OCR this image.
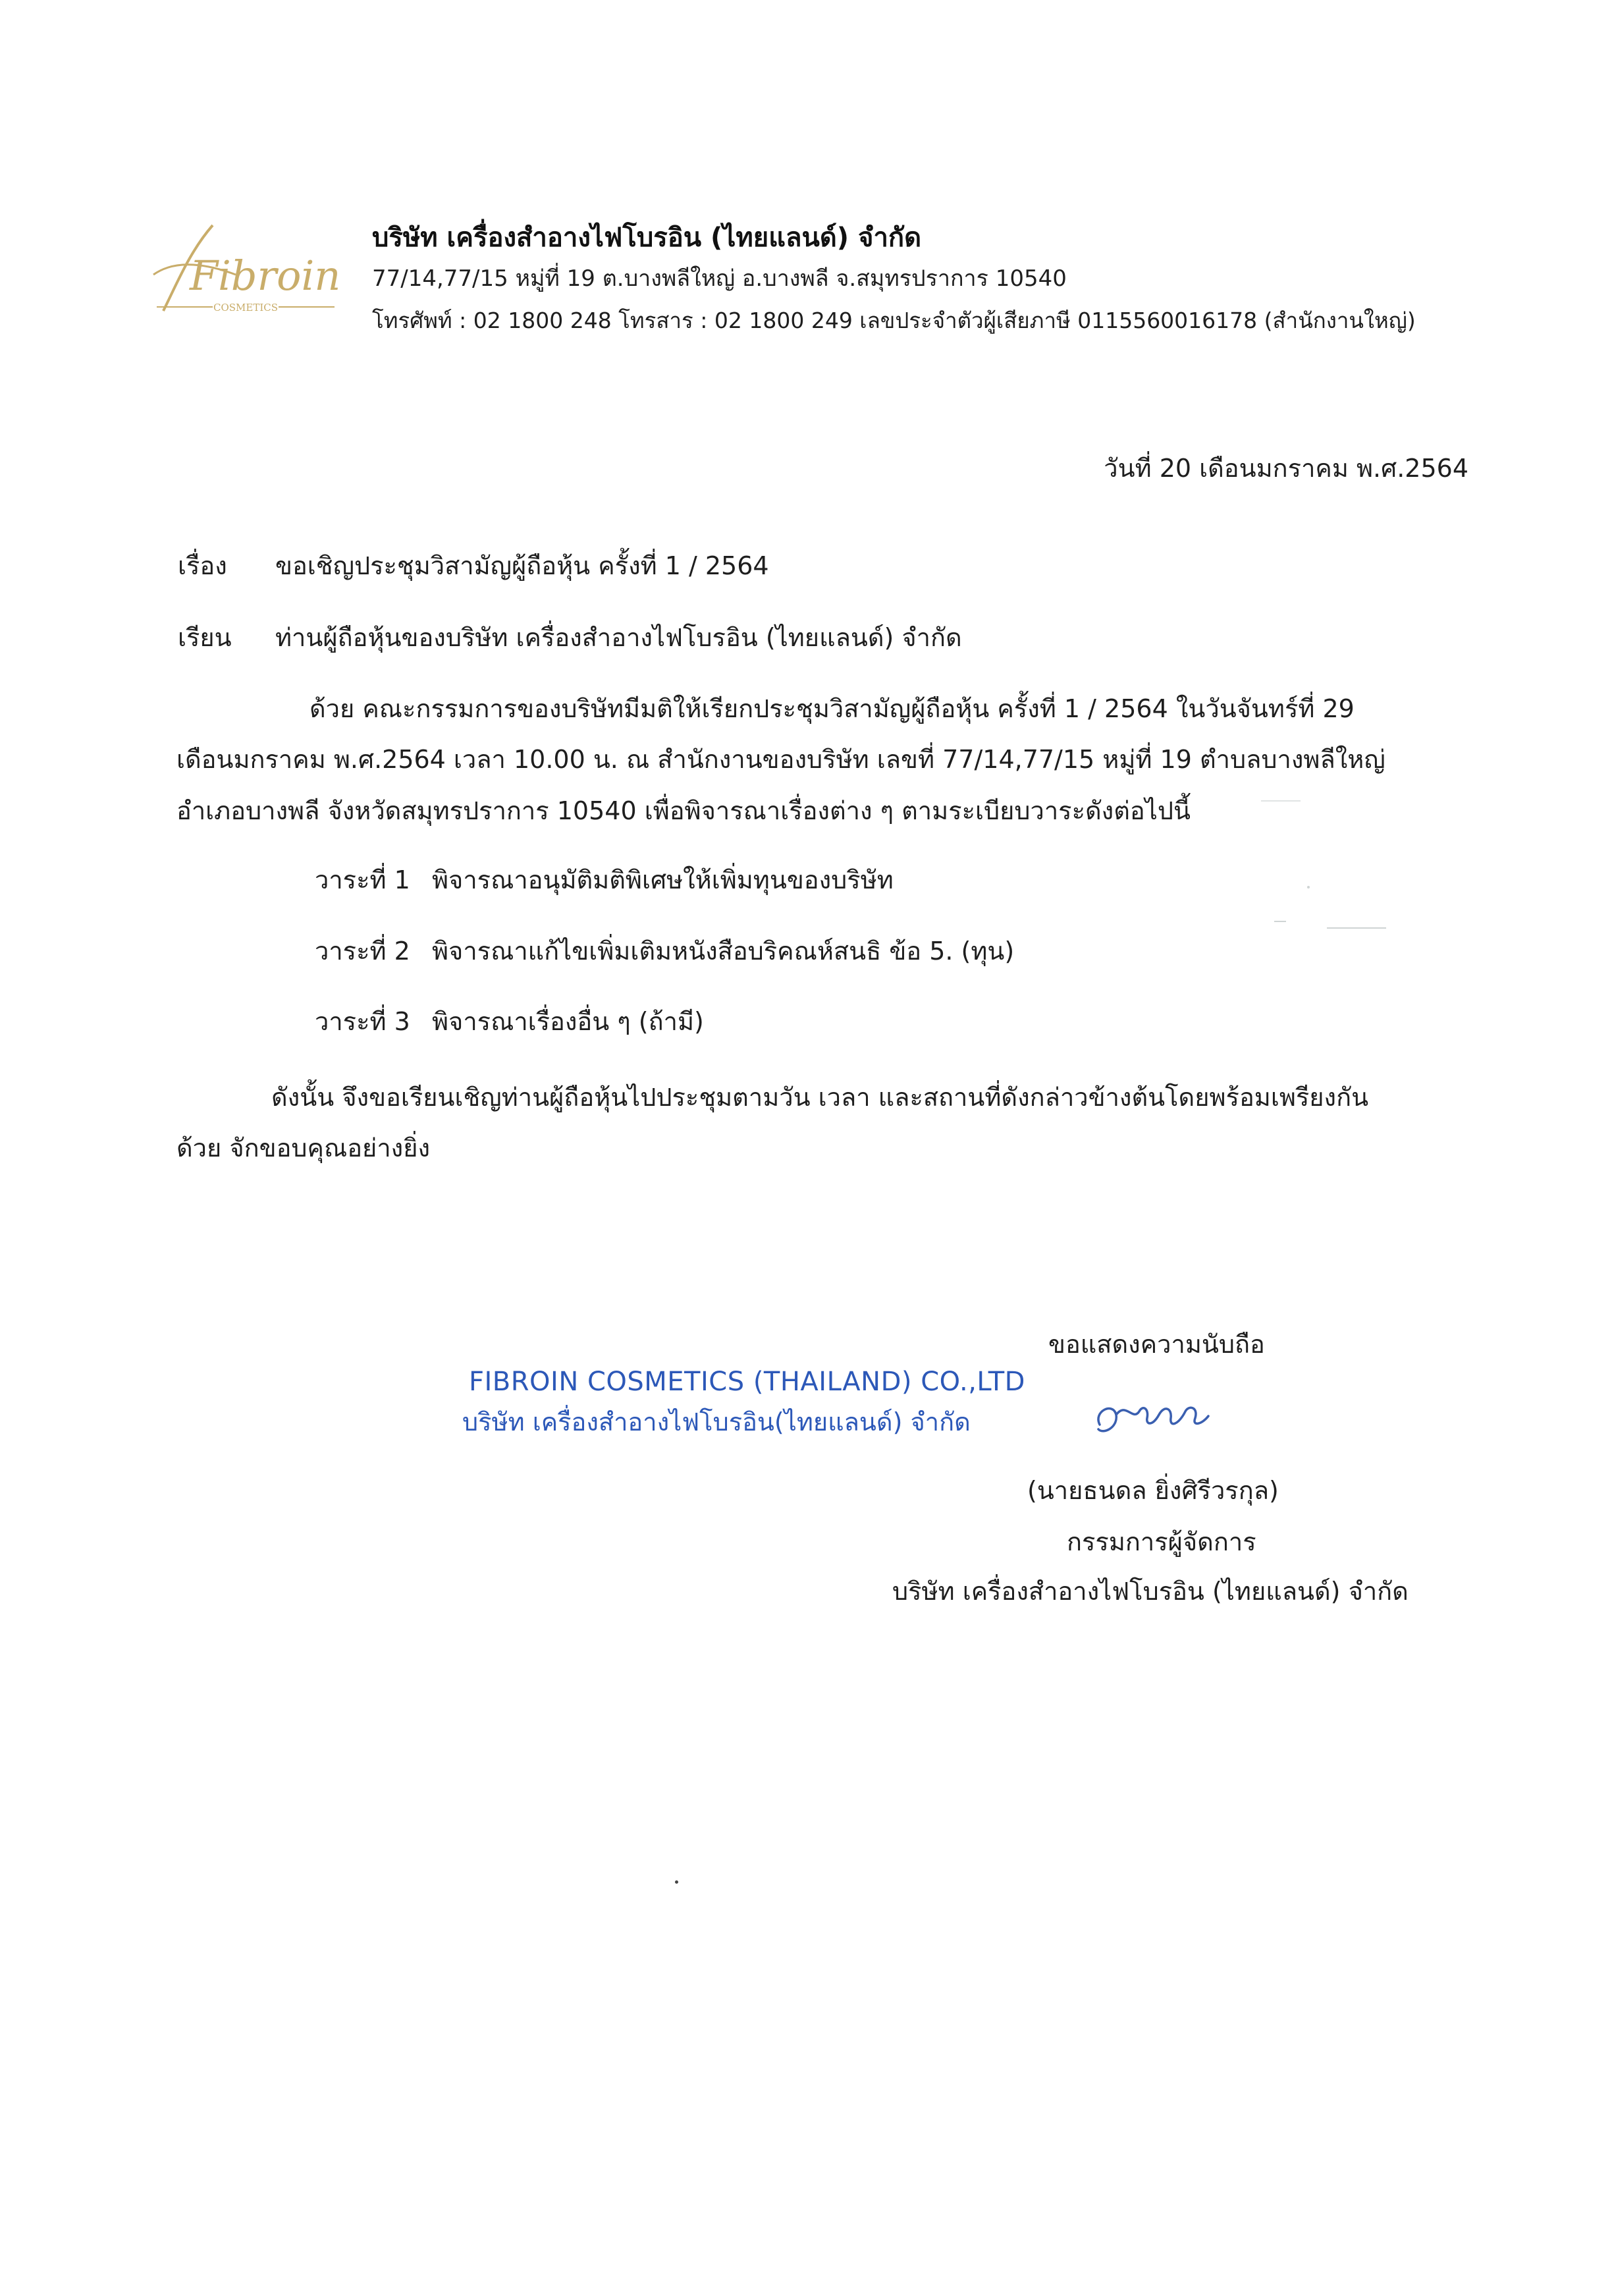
Fibroin
COSMETICS
บริษัท เครื่องสำอางไฟโบรอิน (ไทยแลนด์) จำกัด
77/14,77/15 หมู่ที่ 19 ต.บางพลีใหญ่ อ.บางพลี จ.สมุทรปราการ 10540
โทรศัพท์ : 02 1800 248 โทรสาร : 02 1800 249 เลขประจำตัวผู้เสียภาษี 0115560016178 (สำนักงานใหญ่)
วันที่ 20 เดือนมกราคม พ.ศ.2564
เรื่อง ขอเชิญประชุมวิสามัญผู้ถือหุ้น ครั้งที่ 1 / 2564
เรียน ท่านผู้ถือหุ้นของบริษัท เครื่องสำอางไฟโบรอิน (ไทยแลนด์) จำกัด
ด้วย คณะกรรมการของบริษัทมีมติให้เรียกประชุมวิสามัญผู้ถือหุ้น ครั้งที่ 1 / 2564 ในวันจันทร์ที่ 29
เดือนมกราคม พ.ศ.2564 เวลา 10.00 น. ณ สำนักงานของบริษัท เลขที่ 77/14,77/15 หมู่ที่ 19 ตำบลบางพลีใหญ่
อำเภอบางพลี จังหวัดสมุทรปราการ 10540 เพื่อพิจารณาเรื่องต่าง ๆ ตามระเบียบวาระดังต่อไปนี้
วาระที่ 1 พิจารณาอนุมัติมติพิเศษให้เพิ่มทุนของบริษัท
วาระที่ 2 พิจารณาแก้ไขเพิ่มเติมหนังสือบริคณห์สนธิ ข้อ 5. (ทุน)
วาระที่ 3 พิจารณาเรื่องอื่น ๆ (ถ้ามี)
ดังนั้น จึงขอเรียนเชิญท่านผู้ถือหุ้นไปประชุมตามวัน เวลา และสถานที่ดังกล่าวข้างต้นโดยพร้อมเพรียงกัน
ด้วย จักขอบคุณอย่างยิ่ง
ขอแสดงความนับถือ
FIBROIN COSMETICS (THAILAND) CO.,LTD
บริษัท เครื่องสำอางไฟโบรอิน(ไทยแลนด์) จำกัด
(นายธนดล ยิ่งศิรีวรกุล)
กรรมการผู้จัดการ
บริษัท เครื่องสำอางไฟโบรอิน (ไทยแลนด์) จำกัด
